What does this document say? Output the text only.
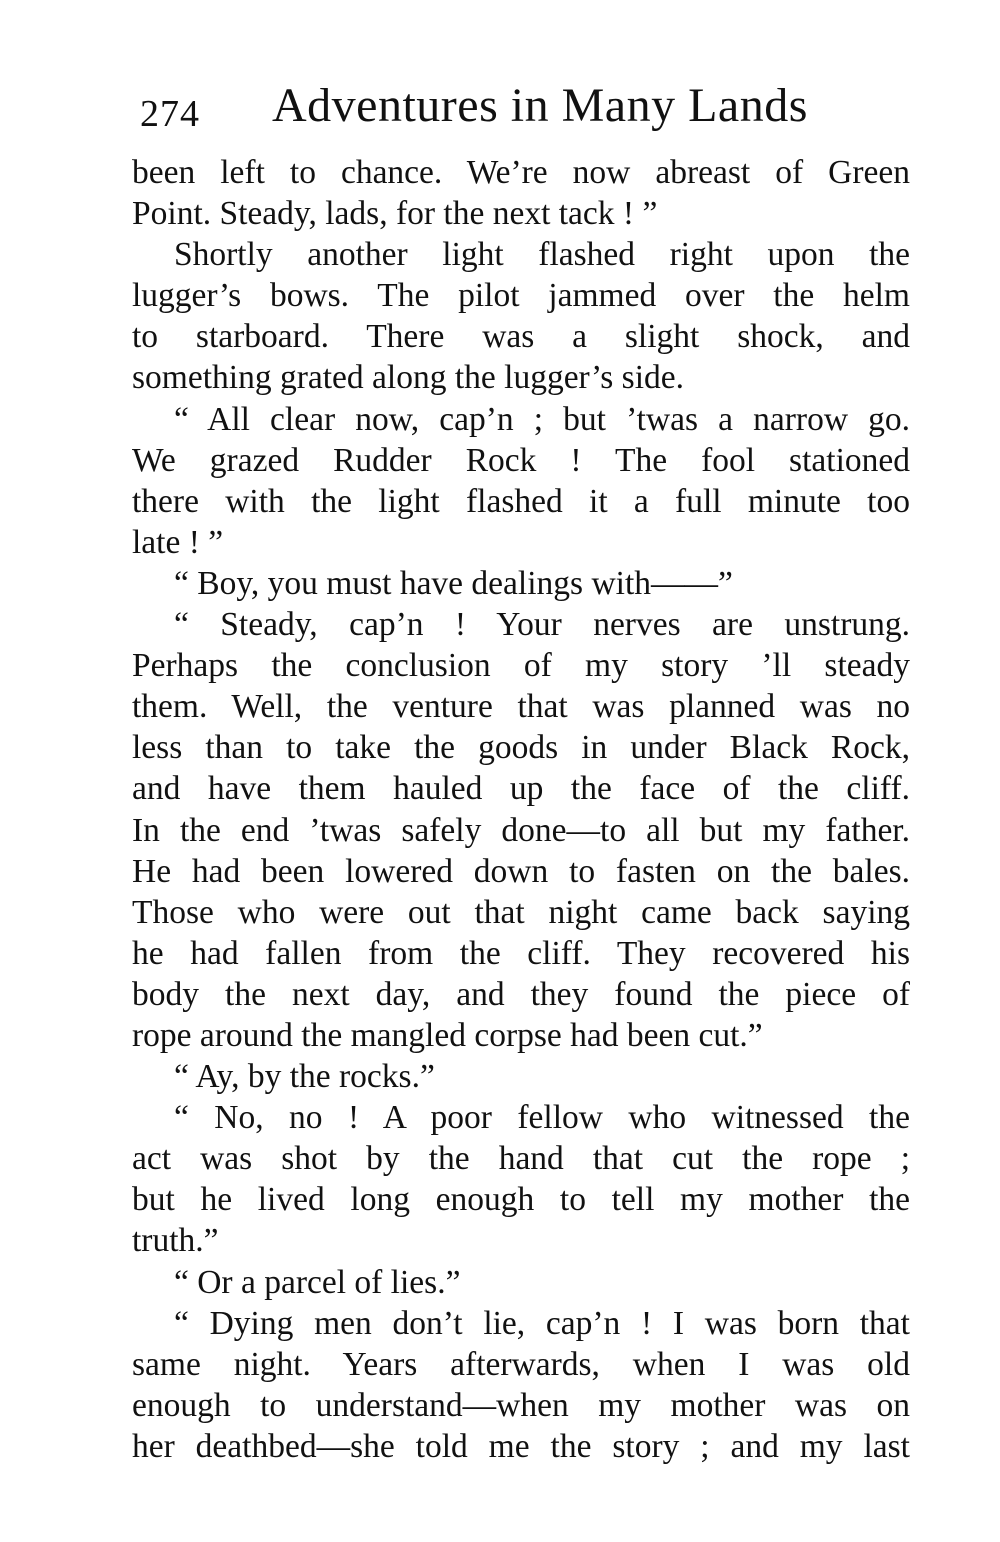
274 Adventures in Many Lands
been left to chance. We’re now abreast of Green
Point. Steady, lads, for the next tack ! ”
Shortly another light flashed right upon the
lugger’s bows. The pilot jammed over the helm
to starboard. There was a slight shock, and
something grated along the lugger’s side.
“ All clear now, cap’n ; but ’twas a narrow go.
We grazed Rudder Rock ! The fool stationed
there with the light flashed it a full minute too
late ! ”
“ Boy, you must have dealings with——”
“ Steady, cap’n ! Your nerves are unstrung.
Perhaps the conclusion of my story ’ll steady
them. Well, the venture that was planned was no
less than to take the goods in under Black Rock,
and have them hauled up the face of the cliff.
In the end ’twas safely done—to all but my father.
He had been lowered down to fasten on the bales.
Those who were out that night came back saying
he had fallen from the cliff. They recovered his
body the next day, and they found the piece of
rope around the mangled corpse had been cut.”
“ Ay, by the rocks.”
“ No, no ! A poor fellow who witnessed the
act was shot by the hand that cut the rope ;
but he lived long enough to tell my mother the
truth.”
“ Or a parcel of lies.”
“ Dying men don’t lie, cap’n ! I was born that
same night. Years afterwards, when I was old
enough to understand—when my mother was on
her deathbed—she told me the story ; and my last
